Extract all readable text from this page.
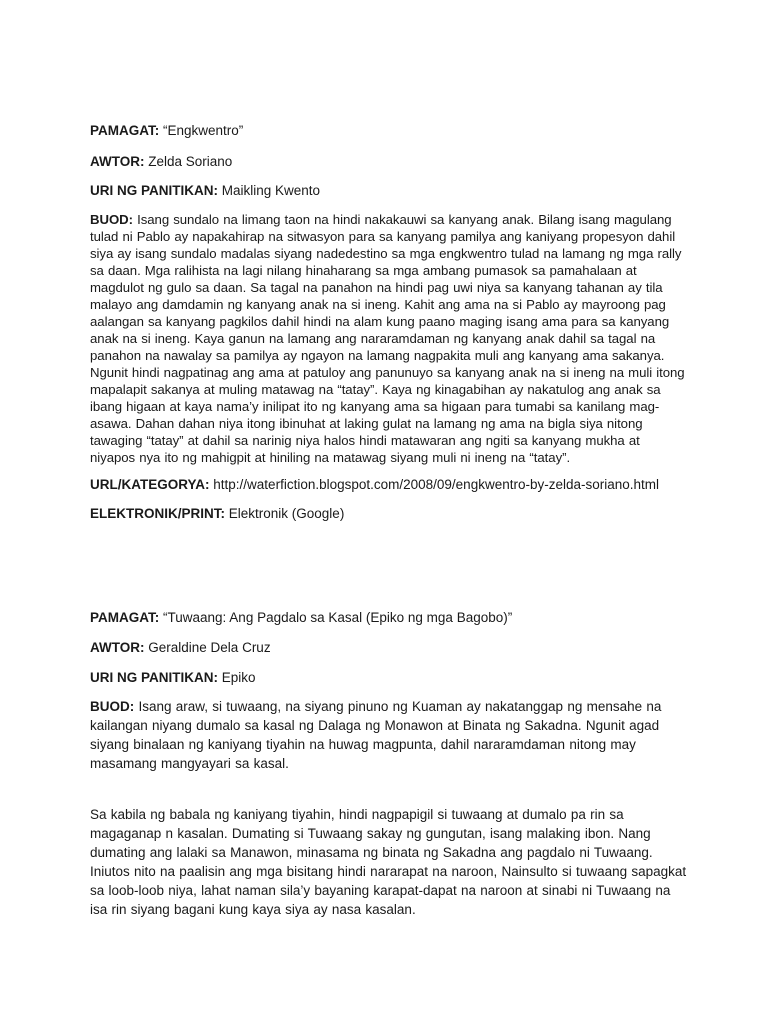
PAMAGAT: “Engkwentro”

AWTOR: Zelda Soriano

URI NG PANITIKAN: Maikling Kwento

BUOD: Isang sundalo na limang taon na hindi nakakauwi sa kanyang anak. Bilang isang magulang tulad ni Pablo ay napakahirap na sitwasyon para sa kanyang pamilya ang kaniyang propesyon dahil siya ay isang sundalo madalas siyang nadedestino sa mga engkwentro tulad na lamang ng mga rally sa daan. Mga ralihista na lagi nilang hinaharang sa mga ambang pumasok sa pamahalaan at magdulot ng gulo sa daan. Sa tagal na panahon na hindi pag uwi niya sa kanyang tahanan ay tila malayo ang damdamin ng kanyang anak na si ineng. Kahit ang ama na si Pablo ay mayroong pag aalangan sa kanyang pagkilos dahil hindi na alam kung paano maging isang ama para sa kanyang anak na si ineng. Kaya ganun na lamang ang nararamdaman ng kanyang anak dahil sa tagal na panahon na nawalay sa pamilya ay ngayon na lamang nagpakita muli ang kanyang ama sakanya. Ngunit hindi nagpatinag ang ama at patuloy ang panunuyo sa kanyang anak na si ineng na muli itong mapalapit sakanya at muling matawag na “tatay”. Kaya ng kinagabihan ay nakatulog ang anak sa ibang higaan at kaya nama’y inilipat ito ng kanyang ama sa higaan para tumabi sa kanilang mag-asawa. Dahan dahan niya itong ibinuhat at laking gulat na lamang ng ama na bigla siya nitong tawaging “tatay” at dahil sa narinig niya halos hindi matawaran ang ngiti sa kanyang mukha at niyapos nya ito ng mahigpit at hiniling na matawag siyang muli ni ineng na “tatay”.

URL/KATEGORYA: http://waterfiction.blogspot.com/2008/09/engkwentro-by-zelda-soriano.html

ELEKTRONIK/PRINT: Elektronik (Google)

PAMAGAT: “Tuwaang: Ang Pagdalo sa Kasal (Epiko ng mga Bagobo)”

AWTOR: Geraldine Dela Cruz

URI NG PANITIKAN: Epiko

BUOD: Isang araw, si tuwaang, na siyang pinuno ng Kuaman ay nakatanggap ng mensahe na kailangan niyang dumalo sa kasal ng Dalaga ng Monawon at Binata ng Sakadna. Ngunit agad siyang binalaan ng kaniyang tiyahin na huwag magpunta, dahil nararamdaman nitong may masamang mangyayari sa kasal.

Sa kabila ng babala ng kaniyang tiyahin, hindi nagpapigil si tuwaang at dumalo pa rin sa magaganap n kasalan. Dumating si Tuwaang sakay ng gungutan, isang malaking ibon. Nang dumating ang lalaki sa Manawon, minasama ng binata ng Sakadna ang pagdalo ni Tuwaang. Iniutos nito na paalisin ang mga bisitang hindi nararapat na naroon, Nainsulto si tuwaang sapagkat sa loob-loob niya, lahat naman sila’y bayaning karapat-dapat na naroon at sinabi ni Tuwaang na isa rin siyang bagani kung kaya siya ay nasa kasalan.
